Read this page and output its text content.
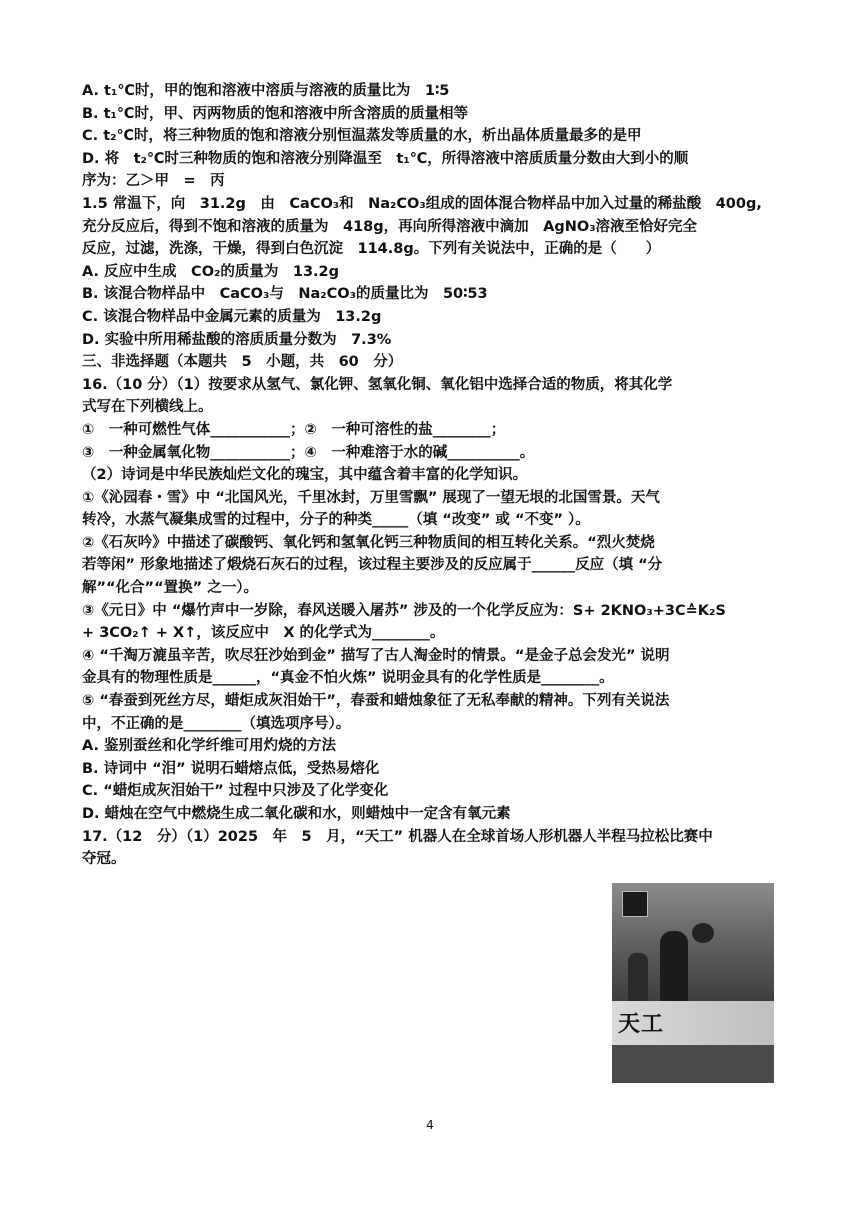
A. t₁℃时，甲的饱和溶液中溶质与溶液的质量比为　1∶5
B. t₁℃时，甲、丙两物质的饱和溶液中所含溶质的质量相等
C. t₂℃时，将三种物质的饱和溶液分别恒温蒸发等质量的水，析出晶体质量最多的是甲
D. 将　t₂℃时三种物质的饱和溶液分别降温至　t₁℃，所得溶液中溶质质量分数由大到小的顺
序为：乙＞甲　=　丙
1.5 常温下，向　31.2g　由　CaCO₃和　Na₂CO₃组成的固体混合物样品中加入过量的稀盐酸　400g,
充分反应后，得到不饱和溶液的质量为　418g，再向所得溶液中滴加　AgNO₃溶液至恰好完全
反应，过滤，洗涤，干燥，得到白色沉淀　114.8g。下列有关说法中，正确的是（　　）
A. 反应中生成　CO₂的质量为　13.2g
B. 该混合物样品中　CaCO₃与　Na₂CO₃的质量比为　50∶53
C. 该混合物样品中金属元素的质量为　13.2g
D. 实验中所用稀盐酸的溶质质量分数为　7.3%
三、非选择题（本题共　5　小题，共　60　分）
16.（10 分）（1）按要求从氢气、氯化钾、氢氧化铜、氧化铝中选择合适的物质，将其化学
式写在下列横线上。
①　一种可燃性气体___________；②　一种可溶性的盐________；
③　一种金属氧化物___________；④　一种难溶于水的碱__________。
（2）诗词是中华民族灿烂文化的瑰宝，其中蕴含着丰富的化学知识。
①《沁园春・雪》中 “北国风光，千里冰封，万里雪飘” 展现了一望无垠的北国雪景。天气
转冷，水蒸气凝集成雪的过程中，分子的种类_____（填 “改变” 或 “不变” ）。
②《石灰吟》中描述了碳酸钙、氧化钙和氢氧化钙三种物质间的相互转化关系。“烈火焚烧
若等闲” 形象地描述了煅烧石灰石的过程，该过程主要涉及的反应属于______反应（填 “分
解”“化合”“置换” 之一）。
③《元日》中 “爆竹声中一岁除，春风送暖入屠苏” 涉及的一个化学反应为：S+ 2KNO₃+3C≙K₂S
+ 3CO₂↑ + X↑，该反应中　X 的化学式为________。
④ “千淘万漉虽辛苦，吹尽狂沙始到金” 描写了古人淘金时的情景。“是金子总会发光” 说明
金具有的物理性质是______，“真金不怕火炼” 说明金具有的化学性质是________。
⑤ “春蚕到死丝方尽，蜡炬成灰泪始干”，春蚕和蜡烛象征了无私奉献的精神。下列有关说法
中，不正确的是________（填选项序号）。
A. 鉴别蚕丝和化学纤维可用灼烧的方法
B. 诗词中 “泪” 说明石蜡熔点低，受热易熔化
C. “蜡炬成灰泪始干” 过程中只涉及了化学变化
D. 蜡烛在空气中燃烧生成二氧化碳和水，则蜡烛中一定含有氧元素
17.（12　分）（1）2025　年　5　月，“天工” 机器人在全球首场人形机器人半程马拉松比赛中
夺冠。
天工
4
